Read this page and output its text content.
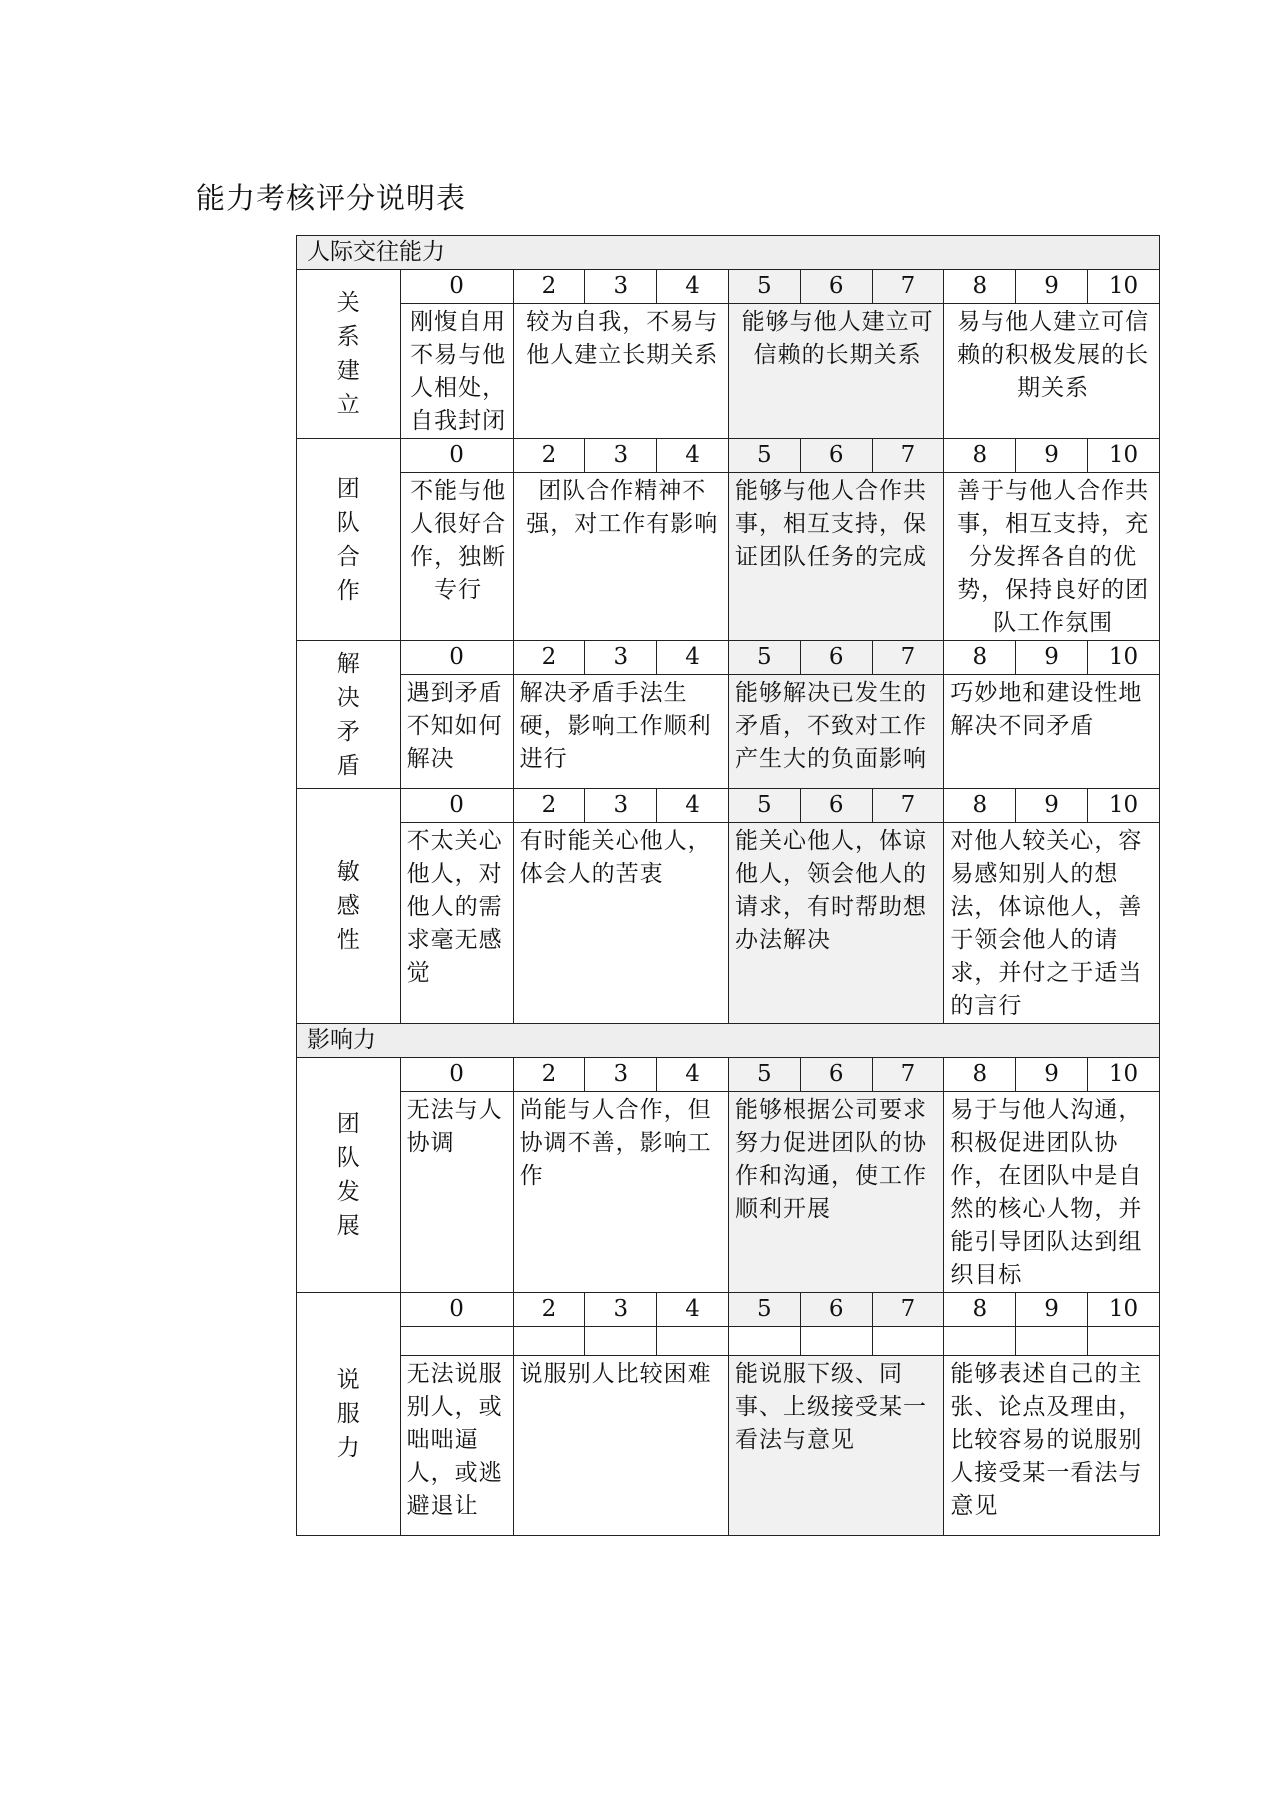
能力考核评分说明表
人际交往能力										

关系建立	0	2	3	4	5	6	7	8	9	10
	刚愎自用不易与他人相处，自我封闭	较为自我，不易与他人建立长期关系			能够与他人建立可信赖的长期关系			易与他人建立可信赖的积极发展的长期关系		

团队合作	0	2	3	4	5	6	7	8	9	10
	不能与他人很好合作，独断专行	团队合作精神不强，对工作有影响			能够与他人合作共事，相互支持，保证团队任务的完成			善于与他人合作共事，相互支持，充分发挥各自的优势，保持良好的团队工作氛围		

解决矛盾	0	2	3	4	5	6	7	8	9	10
	遇到矛盾不知如何解决	解决矛盾手法生硬，影响工作顺利进行			能够解决已发生的矛盾，不致对工作产生大的负面影响			巧妙地和建设性地解决不同矛盾		

敏感性	0	2	3	4	5	6	7	8	9	10
	不太关心他人，对他人的需求毫无感觉	有时能关心他人，体会人的苦衷			能关心他人，体谅他人，领会他人的请求，有时帮助想办法解决			对他人较关心，容易感知别人的想法，体谅他人，善于领会他人的请求，并付之于适当的言行		
影响力										

团队发展	0	2	3	4	5	6	7	8	9	10
	无法与人协调	尚能与人合作，但协调不善，影响工作			能够根据公司要求努力促进团队的协作和沟通，使工作顺利开展			易于与他人沟通，积极促进团队协作，在团队中是自然的核心人物，并能引导团队达到组织目标		

说服力	0	2	3	4	5	6	7	8	9	10

	无法说服别人，或咄咄逼人，或逃避退让	说服别人比较困难			能说服下级、同事、上级接受某一看法与意见			能够表述自己的主张、论点及理由，比较容易的说服别人接受某一看法与意见		
